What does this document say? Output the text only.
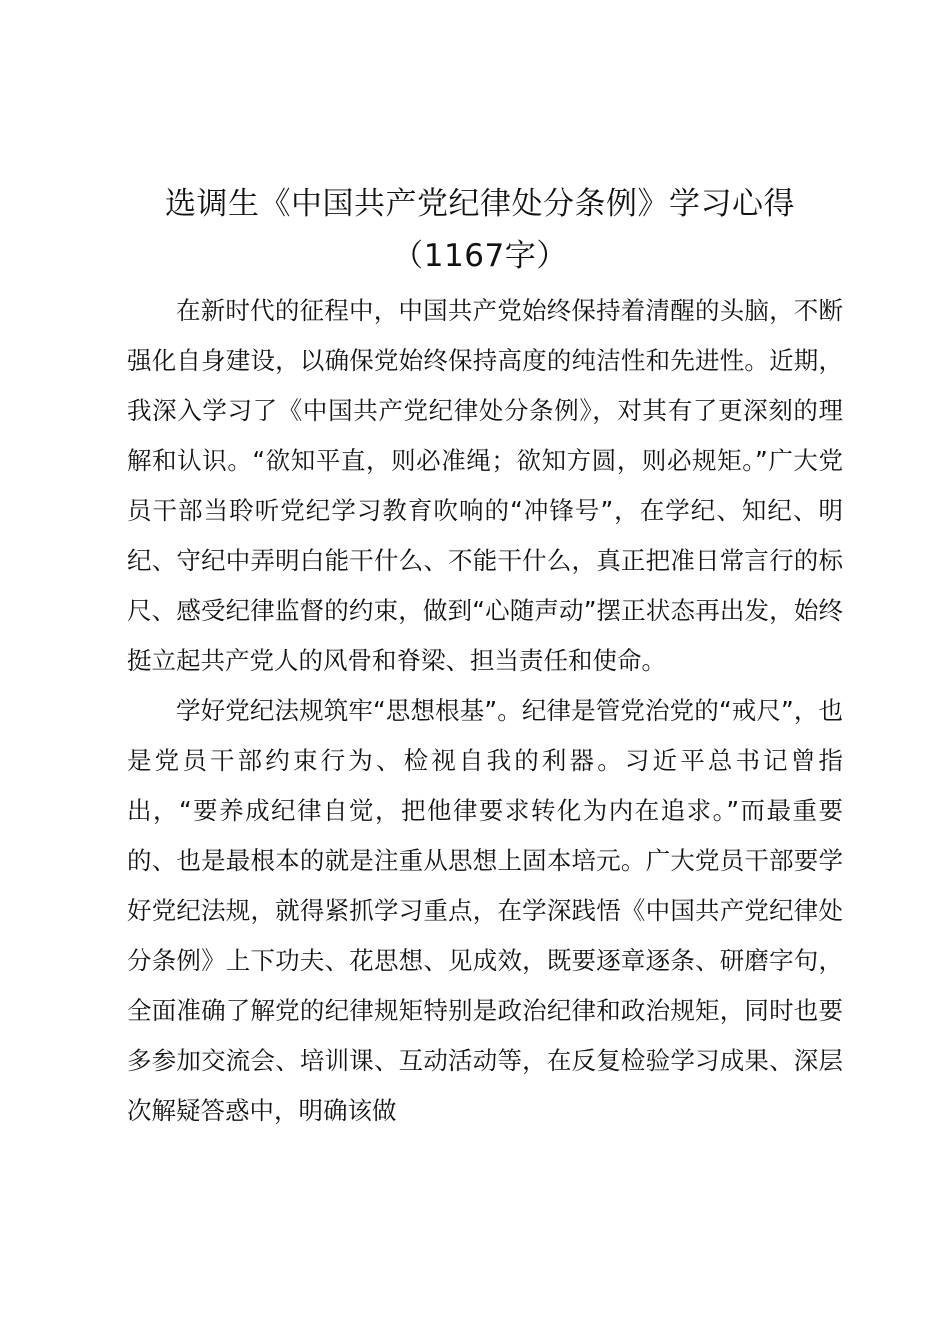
选调生《中国共产党纪律处分条例》学习心得（1167字）

在新时代的征程中，中国共产党始终保持着清醒的头脑，不断强化自身建设，以确保党始终保持高度的纯洁性和先进性。近期，我深入学习了《中国共产党纪律处分条例》，对其有了更深刻的理解和认识。“欲知平直，则必准绳；欲知方圆，则必规矩。”广大党员干部当聆听党纪学习教育吹响的“冲锋号”，在学纪、知纪、明纪、守纪中弄明白能干什么、不能干什么，真正把准日常言行的标尺、感受纪律监督的约束，做到“心随声动”摆正状态再出发，始终挺立起共产党人的风骨和脊梁、担当责任和使命。

学好党纪法规筑牢“思想根基”。纪律是管党治党的“戒尺”，也是党员干部约束行为、检视自我的利器。习近平总书记曾指出，“要养成纪律自觉，把他律要求转化为内在追求。”而最重要的、也是最根本的就是注重从思想上固本培元。广大党员干部要学好党纪法规，就得紧抓学习重点，在学深践悟《中国共产党纪律处分条例》上下功夫、花思想、见成效，既要逐章逐条、研磨字句，全面准确了解党的纪律规矩特别是政治纪律和政治规矩，同时也要多参加交流会、培训课、互动活动等，在反复检验学习成果、深层次解疑答惑中，明确该做
